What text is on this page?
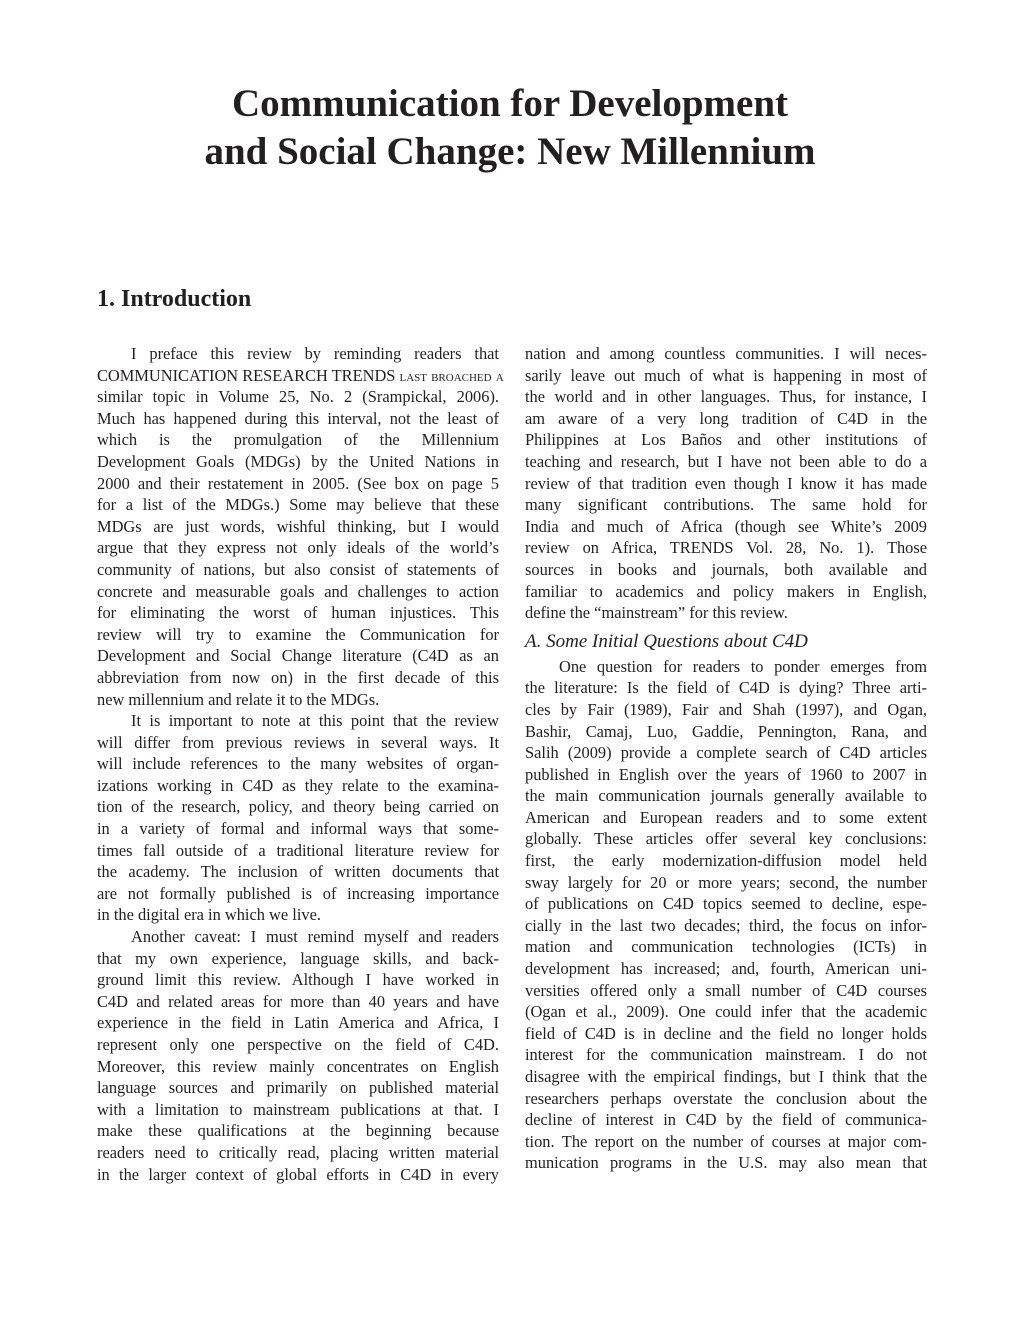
Communication for Development
and Social Change: New Millennium
1. Introduction
I preface this review by reminding readers that
COMMUNICATION RESEARCH TRENDS last broached a
similar topic in Volume 25, No. 2 (Srampickal, 2006).
Much has happened during this interval, not the least of
which is the promulgation of the Millennium
Development Goals (MDGs) by the United Nations in
2000 and their restatement in 2005. (See box on page 5
for a list of the MDGs.) Some may believe that these
MDGs are just words, wishful thinking, but I would
argue that they express not only ideals of the world’s
community of nations, but also consist of statements of
concrete and measurable goals and challenges to action
for eliminating the worst of human injustices. This
review will try to examine the Communication for
Development and Social Change literature (C4D as an
abbreviation from now on) in the first decade of this
new millennium and relate it to the MDGs.
It is important to note at this point that the review
will differ from previous reviews in several ways. It
will include references to the many websites of organ-
izations working in C4D as they relate to the examina-
tion of the research, policy, and theory being carried on
in a variety of formal and informal ways that some-
times fall outside of a traditional literature review for
the academy. The inclusion of written documents that
are not formally published is of increasing importance
in the digital era in which we live.
Another caveat: I must remind myself and readers
that my own experience, language skills, and back-
ground limit this review. Although I have worked in
C4D and related areas for more than 40 years and have
experience in the field in Latin America and Africa, I
represent only one perspective on the field of C4D.
Moreover, this review mainly concentrates on English
language sources and primarily on published material
with a limitation to mainstream publications at that. I
make these qualifications at the beginning because
readers need to critically read, placing written material
in the larger context of global efforts in C4D in every
nation and among countless communities. I will neces-
sarily leave out much of what is happening in most of
the world and in other languages. Thus, for instance, I
am aware of a very long tradition of C4D in the
Philippines at Los Baños and other institutions of
teaching and research, but I have not been able to do a
review of that tradition even though I know it has made
many significant contributions. The same hold for
India and much of Africa (though see White’s 2009
review on Africa, TRENDS Vol. 28, No. 1). Those
sources in books and journals, both available and
familiar to academics and policy makers in English,
define the “mainstream” for this review.
A. Some Initial Questions about C4D
One question for readers to ponder emerges from
the literature: Is the field of C4D is dying? Three arti-
cles by Fair (1989), Fair and Shah (1997), and Ogan,
Bashir, Camaj, Luo, Gaddie, Pennington, Rana, and
Salih (2009) provide a complete search of C4D articles
published in English over the years of 1960 to 2007 in
the main communication journals generally available to
American and European readers and to some extent
globally. These articles offer several key conclusions:
first, the early modernization-diffusion model held
sway largely for 20 or more years; second, the number
of publications on C4D topics seemed to decline, espe-
cially in the last two decades; third, the focus on infor-
mation and communication technologies (ICTs) in
development has increased; and, fourth, American uni-
versities offered only a small number of C4D courses
(Ogan et al., 2009). One could infer that the academic
field of C4D is in decline and the field no longer holds
interest for the communication mainstream. I do not
disagree with the empirical findings, but I think that the
researchers perhaps overstate the conclusion about the
decline of interest in C4D by the field of communica-
tion. The report on the number of courses at major com-
munication programs in the U.S. may also mean that
